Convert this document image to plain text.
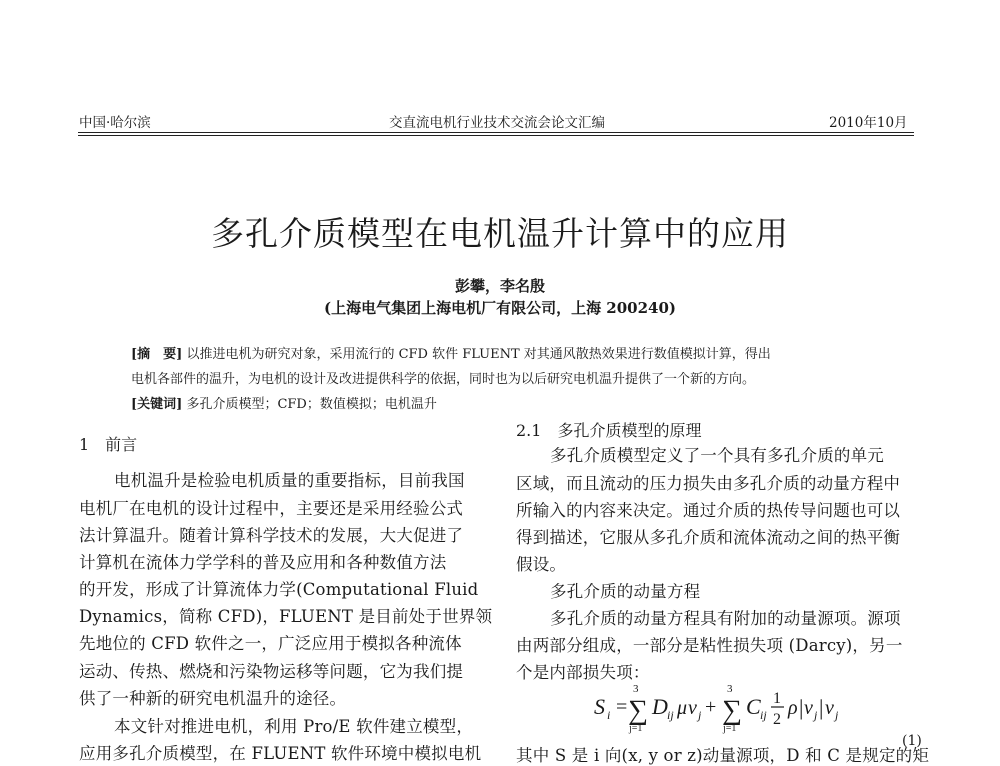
中国·哈尔滨	交直流电机行业技术交流会论文汇编	2010年10月
多孔介质模型在电机温升计算中的应用
彭攀，李名殷
(上海电气集团上海电机厂有限公司，上海 200240)
[摘　要] 以推进电机为研究对象，采用流行的 CFD 软件 FLUENT 对其通风散热效果进行数值模拟计算，得出
电机各部件的温升，为电机的设计及改进提供科学的依据，同时也为以后研究电机温升提供了一个新的方向。
[关键词] 多孔介质模型；CFD；数值模拟；电机温升
1　前言
电机温升是检验电机质量的重要指标，目前我国
电机厂在电机的设计过程中，主要还是采用经验公式
法计算温升。随着计算科学技术的发展，大大促进了
计算机在流体力学学科的普及应用和各种数值方法
的开发，形成了计算流体力学(Computational Fluid
Dynamics，简称 CFD)，FLUENT 是目前处于世界领
先地位的 CFD 软件之一，广泛应用于模拟各种流体
运动、传热、燃烧和污染物运移等问题，它为我们提
供了一种新的研究电机温升的途径。
本文针对推进电机，利用 Pro/E 软件建立模型，
应用多孔介质模型，在 FLUENT 软件环境中模拟电机
2.1　多孔介质模型的原理
多孔介质模型定义了一个具有多孔介质的单元
区域，而且流动的压力损失由多孔介质的动量方程中
所输入的内容来决定。通过介质的热传导问题也可以
得到描述，它服从多孔介质和流体流动之间的热平衡
假设。
多孔介质的动量方程
多孔介质的动量方程具有附加的动量源项。源项
由两部分组成，一部分是粘性损失项 (Darcy)，另一
个是内部损失项：
S i =
3
∑
j=1
D ij μ v j +
3
∑
j=1
C ij
1
2
ρ | v j | v j
(1)
其中 S 是 i 向(x, y or z)动量源项，D 和 C 是规定的矩
